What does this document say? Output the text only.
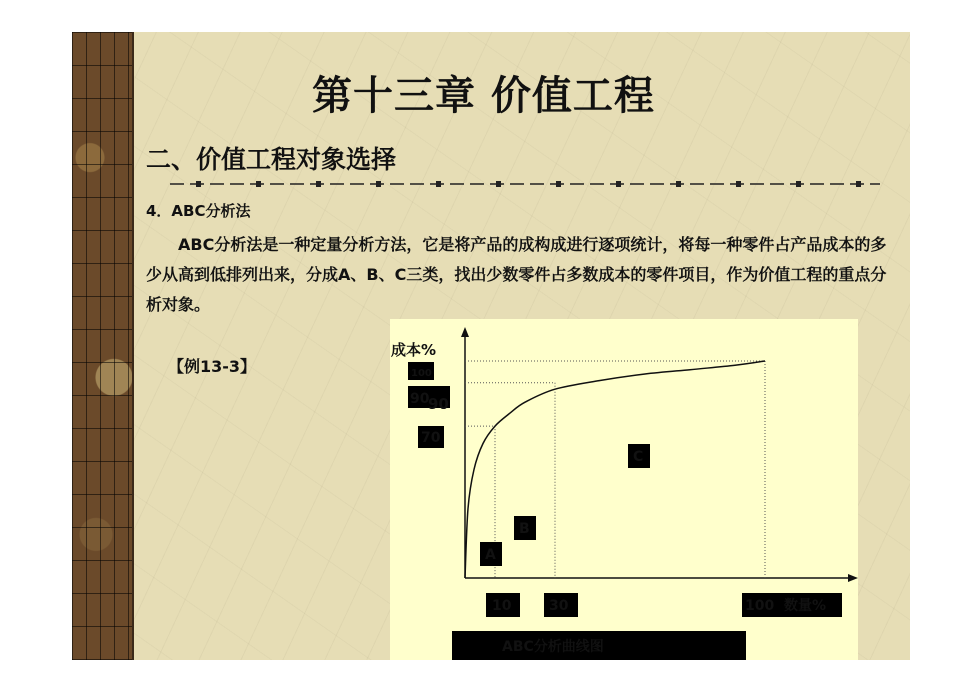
第十三章 价值工程
二、价值工程对象选择
4．ABC分析法
ABC分析法是一种定量分析方法，它是将产品的成构成进行逐项统计，将每一种零件占产品成本的多少从高到低排列出来，分成A、B、C三类，找出少数零件占多数成本的零件项目，作为价值工程的重点分析对象。
【例13-3】
成本%
100
90
90
70
C
B
A
10	30	100 数量%
ABC分析曲线图
